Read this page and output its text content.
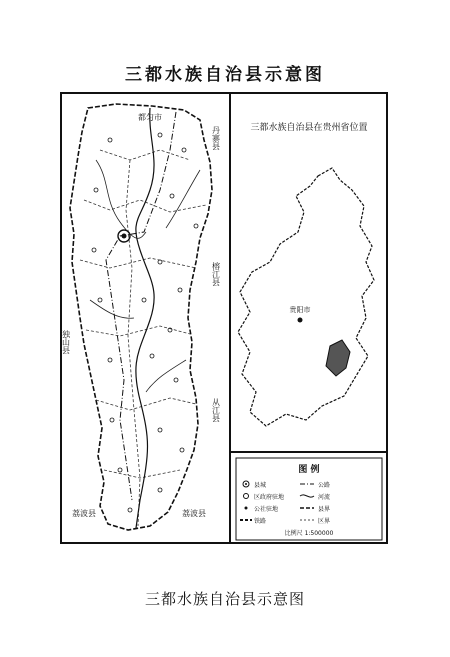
三都水族自治县示意图
都匀市
丹寨县
榕江县
从江县
独山县
荔波县	荔波县
三都水族自治县在贵州省位置
贵阳市
图 例
县城
区政府驻地
公社驻地
铁路
公路
河流
县界
区界
比例尺 1:500000
三都水族自治县示意图
